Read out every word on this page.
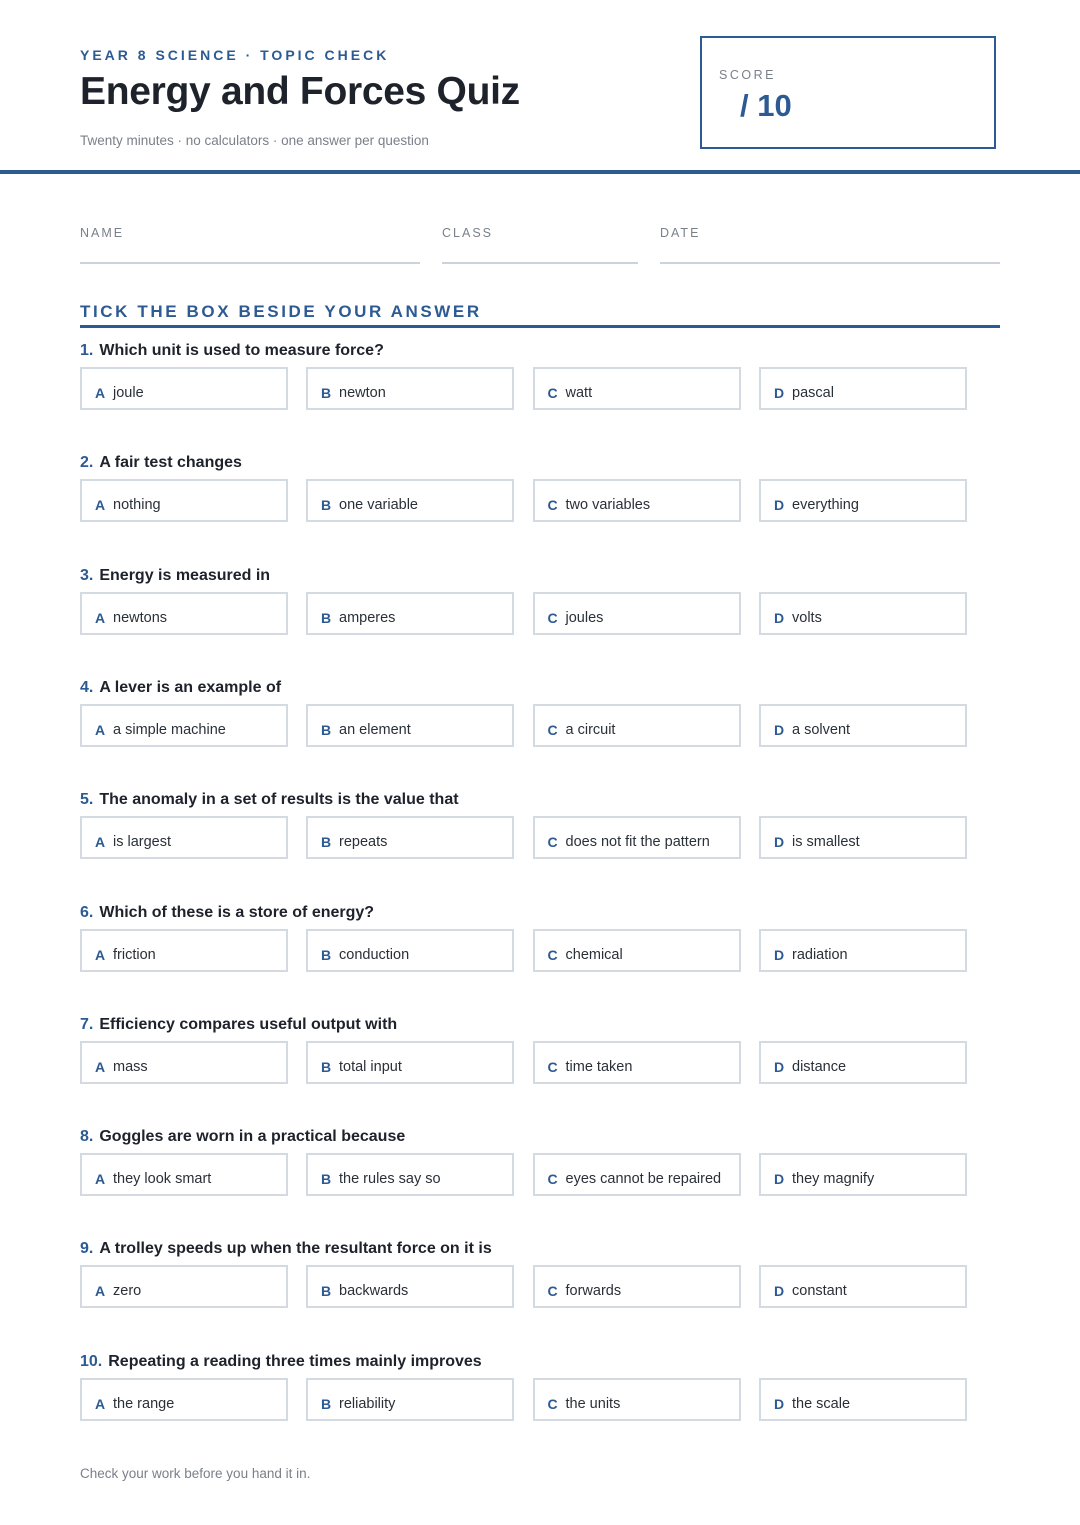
YEAR 8 SCIENCE · TOPIC CHECK
Energy and Forces Quiz
Twenty minutes · no calculators · one answer per question
SCORE
/ 10
NAME	CLASS	DATE
TICK THE BOX BESIDE YOUR ANSWER
1. Which unit is used to measure force?
A joule	B newton	C watt	D pascal
2. A fair test changes
A nothing	B one variable	C two variables	D everything
3. Energy is measured in
A newtons	B amperes	C joules	D volts
4. A lever is an example of
A a simple machine	B an element	C a circuit	D a solvent
5. The anomaly in a set of results is the value that
A is largest	B repeats	C does not fit the pattern	D is smallest
6. Which of these is a store of energy?
A friction	B conduction	C chemical	D radiation
7. Efficiency compares useful output with
A mass	B total input	C time taken	D distance
8. Goggles are worn in a practical because
A they look smart	B the rules say so	C eyes cannot be repaired	D they magnify
9. A trolley speeds up when the resultant force on it is
A zero	B backwards	C forwards	D constant
10. Repeating a reading three times mainly improves
A the range	B reliability	C the units	D the scale
Check your work before you hand it in.
